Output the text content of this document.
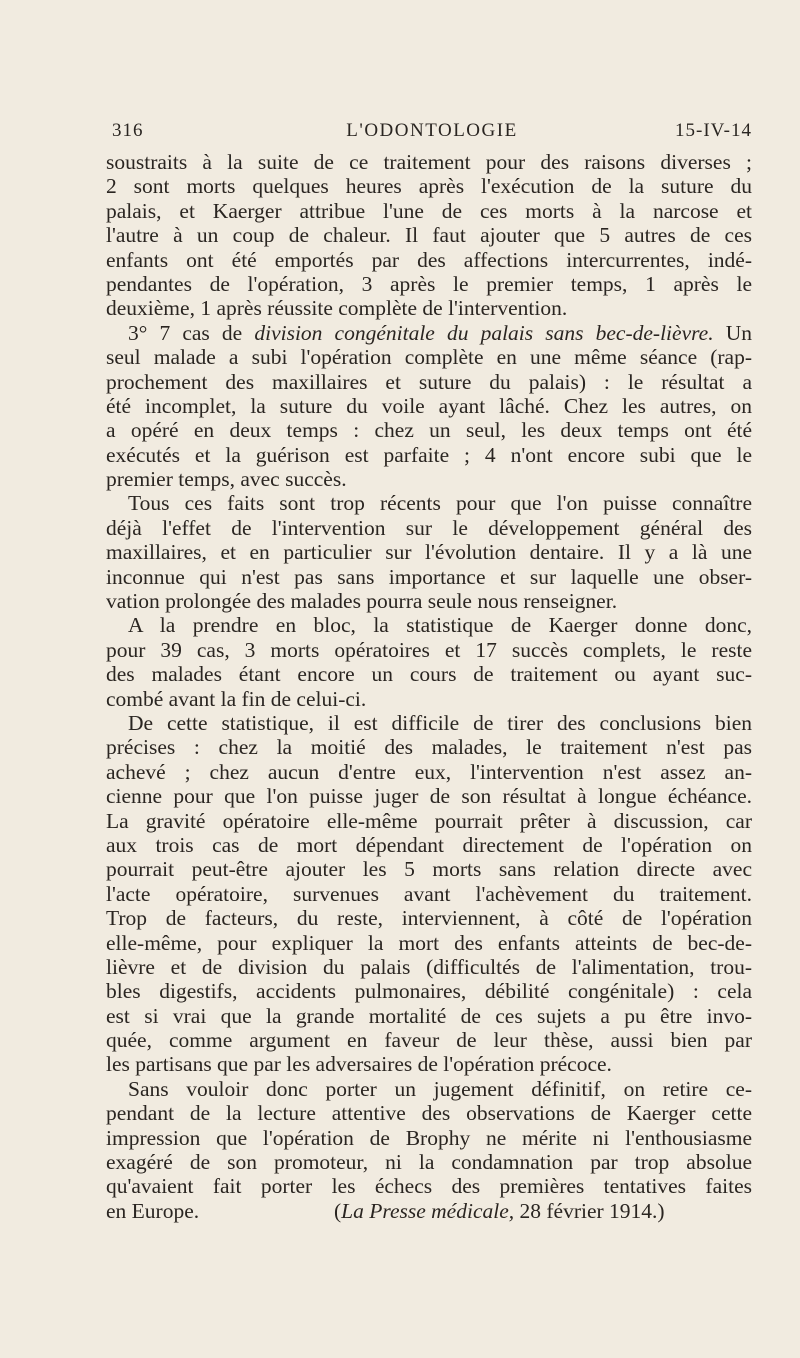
316	L'ODONTOLOGIE	15-IV-14
soustraits à la suite de ce traitement pour des raisons diverses ;
2 sont morts quelques heures après l'exécution de la suture du
palais, et Kaerger attribue l'une de ces morts à la narcose et
l'autre à un coup de chaleur. Il faut ajouter que 5 autres de ces
enfants ont été emportés par des affections intercurrentes, indé-
pendantes de l'opération, 3 après le premier temps, 1 après le
deuxième, 1 après réussite complète de l'intervention.
3° 7 cas de division congénitale du palais sans bec-de-lièvre. Un
seul malade a subi l'opération complète en une même séance (rap-
prochement des maxillaires et suture du palais) : le résultat a
été incomplet, la suture du voile ayant lâché. Chez les autres, on
a opéré en deux temps : chez un seul, les deux temps ont été
exécutés et la guérison est parfaite ; 4 n'ont encore subi que le
premier temps, avec succès.
Tous ces faits sont trop récents pour que l'on puisse connaître
déjà l'effet de l'intervention sur le développement général des
maxillaires, et en particulier sur l'évolution dentaire. Il y a là une
inconnue qui n'est pas sans importance et sur laquelle une obser-
vation prolongée des malades pourra seule nous renseigner.
A la prendre en bloc, la statistique de Kaerger donne donc,
pour 39 cas, 3 morts opératoires et 17 succès complets, le reste
des malades étant encore un cours de traitement ou ayant suc-
combé avant la fin de celui-ci.
De cette statistique, il est difficile de tirer des conclusions bien
précises : chez la moitié des malades, le traitement n'est pas
achevé ; chez aucun d'entre eux, l'intervention n'est assez an-
cienne pour que l'on puisse juger de son résultat à longue échéance.
La gravité opératoire elle-même pourrait prêter à discussion, car
aux trois cas de mort dépendant directement de l'opération on
pourrait peut-être ajouter les 5 morts sans relation directe avec
l'acte opératoire, survenues avant l'achèvement du traitement.
Trop de facteurs, du reste, interviennent, à côté de l'opération
elle-même, pour expliquer la mort des enfants atteints de bec-de-
lièvre et de division du palais (difficultés de l'alimentation, trou-
bles digestifs, accidents pulmonaires, débilité congénitale) : cela
est si vrai que la grande mortalité de ces sujets a pu être invo-
quée, comme argument en faveur de leur thèse, aussi bien par
les partisans que par les adversaires de l'opération précoce.
Sans vouloir donc porter un jugement définitif, on retire ce-
pendant de la lecture attentive des observations de Kaerger cette
impression que l'opération de Brophy ne mérite ni l'enthousiasme
exagéré de son promoteur, ni la condamnation par trop absolue
qu'avaient fait porter les échecs des premières tentatives faites
en Europe.	(La Presse médicale, 28 février 1914.)
